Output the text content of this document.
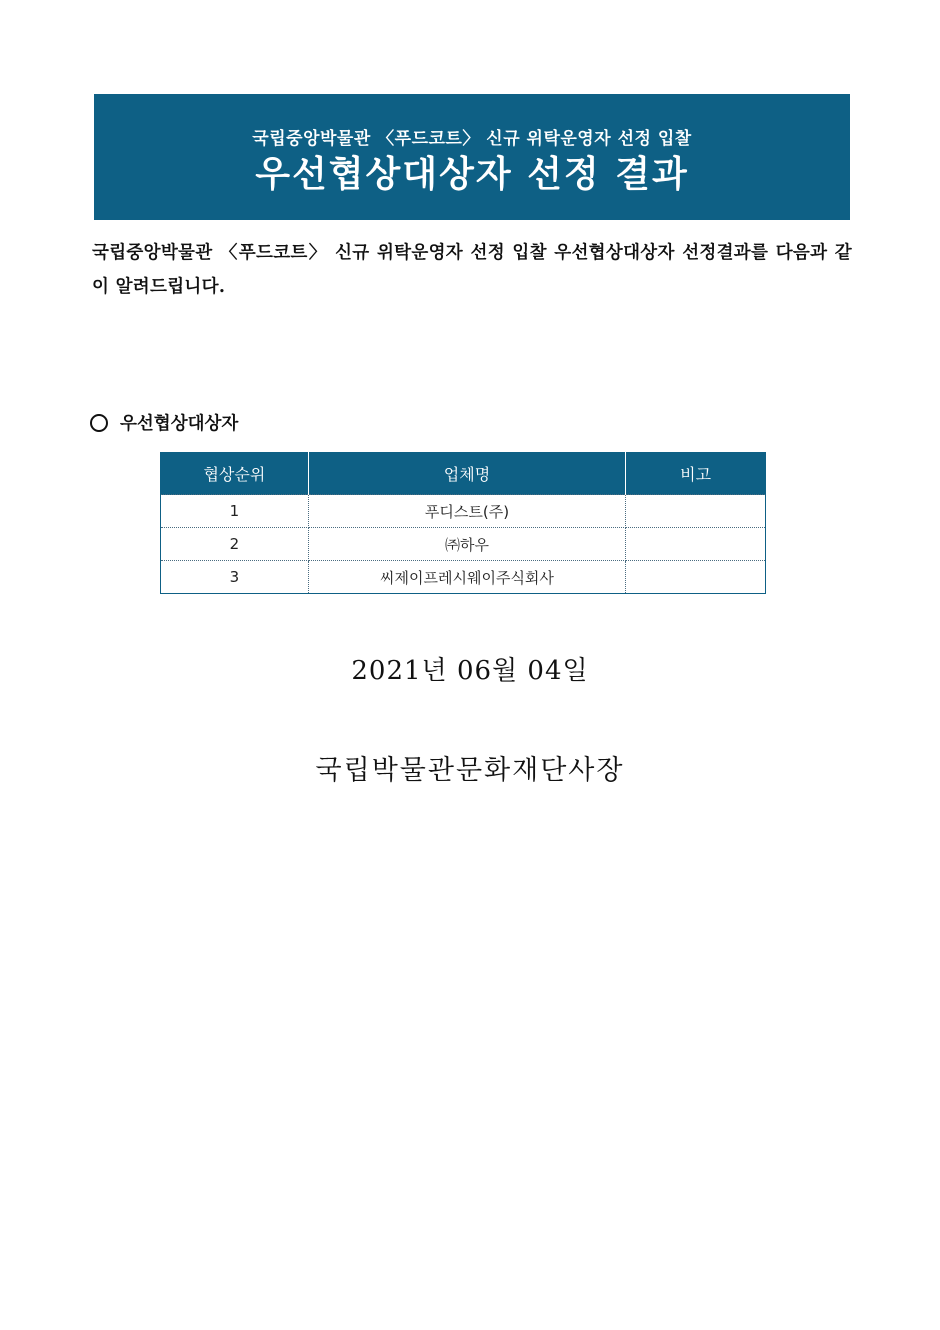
국립중앙박물관 〈푸드코트〉 신규 위탁운영자 선정 입찰
우선협상대상자 선정 결과
국립중앙박물관 〈푸드코트〉 신규 위탁운영자 선정 입찰 우선협상대상자 선정결과를 다음과 같이 알려드립니다.
우선협상대상자
협상순위	업체명	비고
1	푸디스트(주)	
2	㈜하우	
3	씨제이프레시웨이주식회사	
2021년 06월 04일
국립박물관문화재단사장
